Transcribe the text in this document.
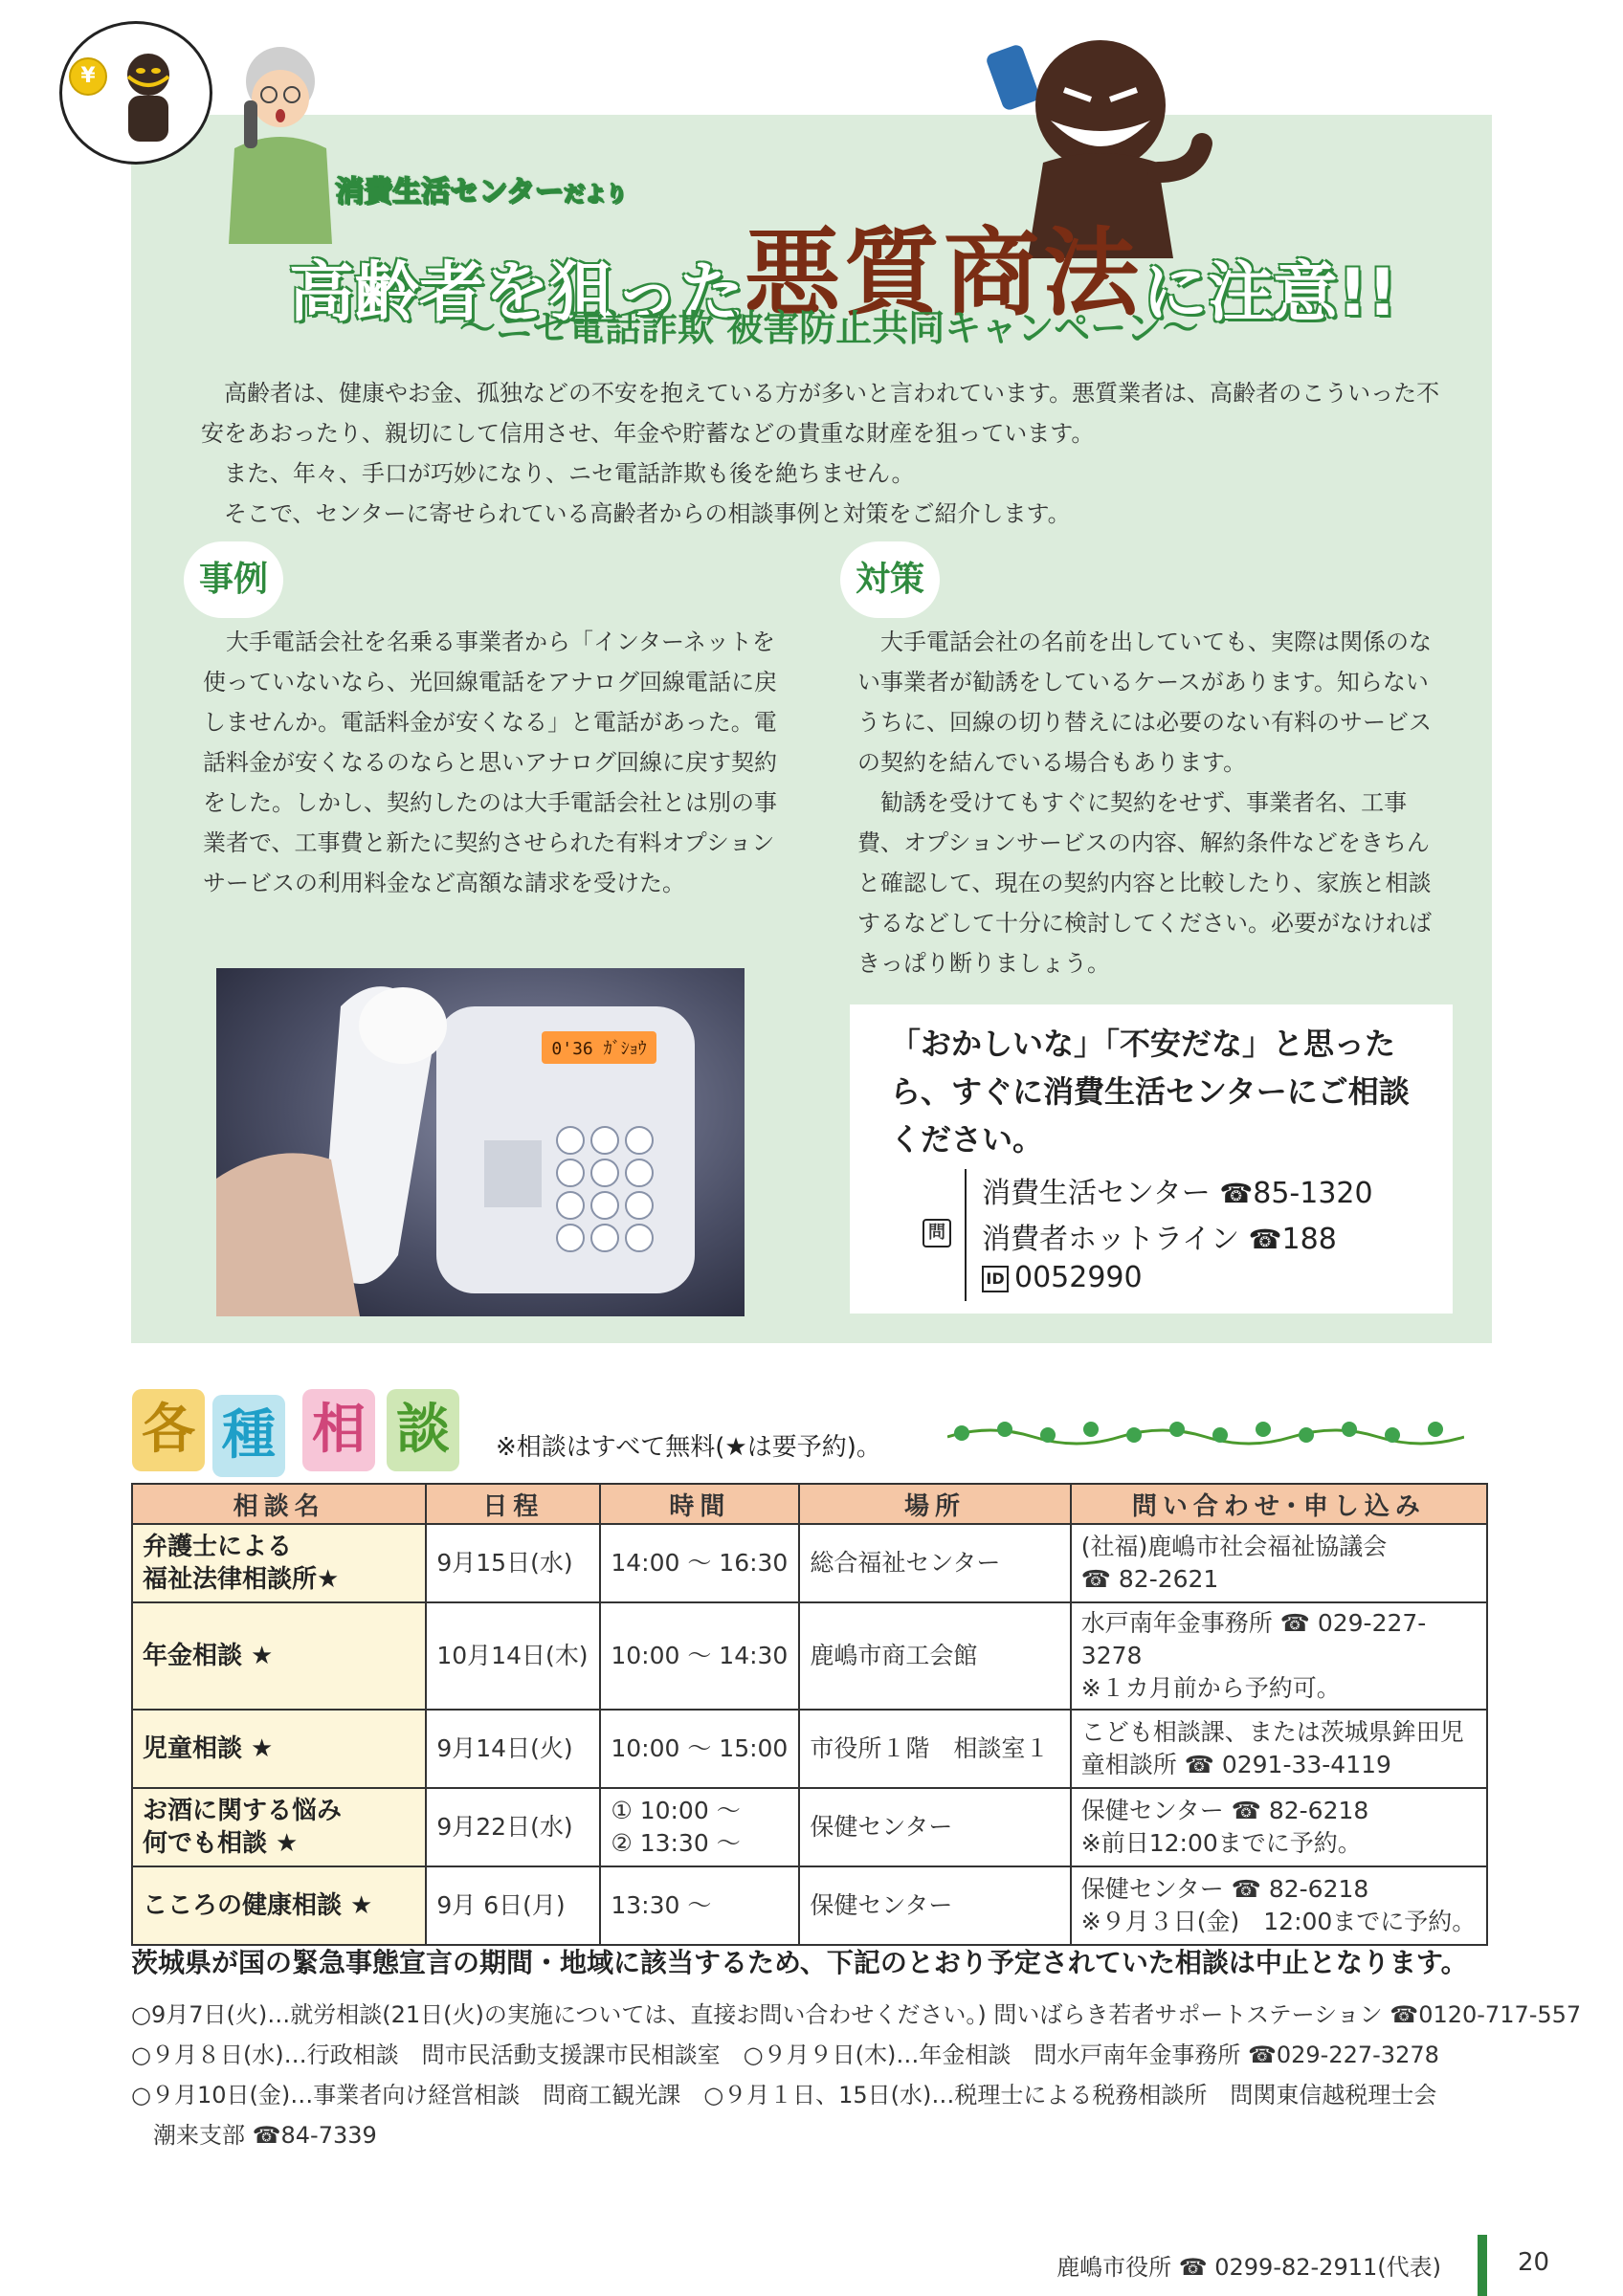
¥
消費生活センターだより
高齢者を狙った悪質商法に注意!!
〜ニセ電話詐欺 被害防止共同キャンペーン〜

高齢者は、健康やお金、孤独などの不安を抱えている方が多いと言われています。悪質業者は、高齢者のこういった不安をあおったり、親切にして信用させ、年金や貯蓄などの貴重な財産を狙っています。

また、年々、手口が巧妙になり、ニセ電話詐欺も後を絶ちません。

そこで、センターに寄せられている高齢者からの相談事例と対策をご紹介します。

事例	対策

大手電話会社を名乗る事業者から「インターネットを使っていないなら、光回線電話をアナログ回線電話に戻しませんか。電話料金が安くなる」と電話があった。電話料金が安くなるのならと思いアナログ回線に戻す契約をした。しかし、契約したのは大手電話会社とは別の事業者で、工事費と新たに契約させられた有料オプションサービスの利用料金など高額な請求を受けた。

大手電話会社の名前を出していても、実際は関係のない事業者が勧誘をしているケースがあります。知らないうちに、回線の切り替えには必要のない有料のサービスの契約を結んでいる場合もあります。

勧誘を受けてもすぐに契約をせず、事業者名、工事費、オプションサービスの内容、解約条件などをきちんと確認して、現在の契約内容と比較したり、家族と相談するなどして十分に検討してください。必要がなければきっぱり断りましょう。

0'36 ｶﾞｼｮｳ	「おかしいな」「不安だな」と思ったら、すぐに消費生活センターにご相談ください。
問
消費生活センター ☎85-1320
消費者ホットライン ☎188
ID 0052990
各 種 相 談	※相談はすべて無料(★は要予約)。
相談名	日程	時間	場所	問い合わせ･申し込み
弁護士による
福祉法律相談所★	9月15日(水)	14:00 ～ 16:30	総合福祉センター	(社福)鹿嶋市社会福祉協議会
☎ 82-2621
年金相談 ★	10月14日(木)	10:00 ～ 14:30	鹿嶋市商工会館	水戸南年金事務所 ☎ 029-227-3278
※１カ月前から予約可。
児童相談 ★	9月14日(火)	10:00 ～ 15:00	市役所１階　相談室１	こども相談課、または茨城県鉾田児童相談所 ☎ 0291-33-4119
お酒に関する悩み
何でも相談 ★	9月22日(水)	① 10:00 ～
② 13:30 ～	保健センター	保健センター ☎ 82-6218
※前日12:00までに予約。
こころの健康相談 ★	9月 6日(月)	13:30 ～	保健センター	保健センター ☎ 82-6218
※９月３日(金)　12:00までに予約。
茨城県が国の緊急事態宣言の期間・地域に該当するため、下記のとおり予定されていた相談は中止となります。
○9月7日(火)…就労相談(21日(火)の実施については、直接お問い合わせください。) 問いばらき若者サポートステーション ☎0120-717-557
○９月８日(水)…行政相談　問市民活動支援課市民相談室　○９月９日(木)…年金相談　問水戸南年金事務所 ☎029-227-3278
○９月10日(金)…事業者向け経営相談　問商工観光課　○９月１日、15日(水)…税理士による税務相談所　問関東信越税理士会
潮来支部 ☎84-7339
鹿嶋市役所 ☎ 0299-82-2911(代表)	20
